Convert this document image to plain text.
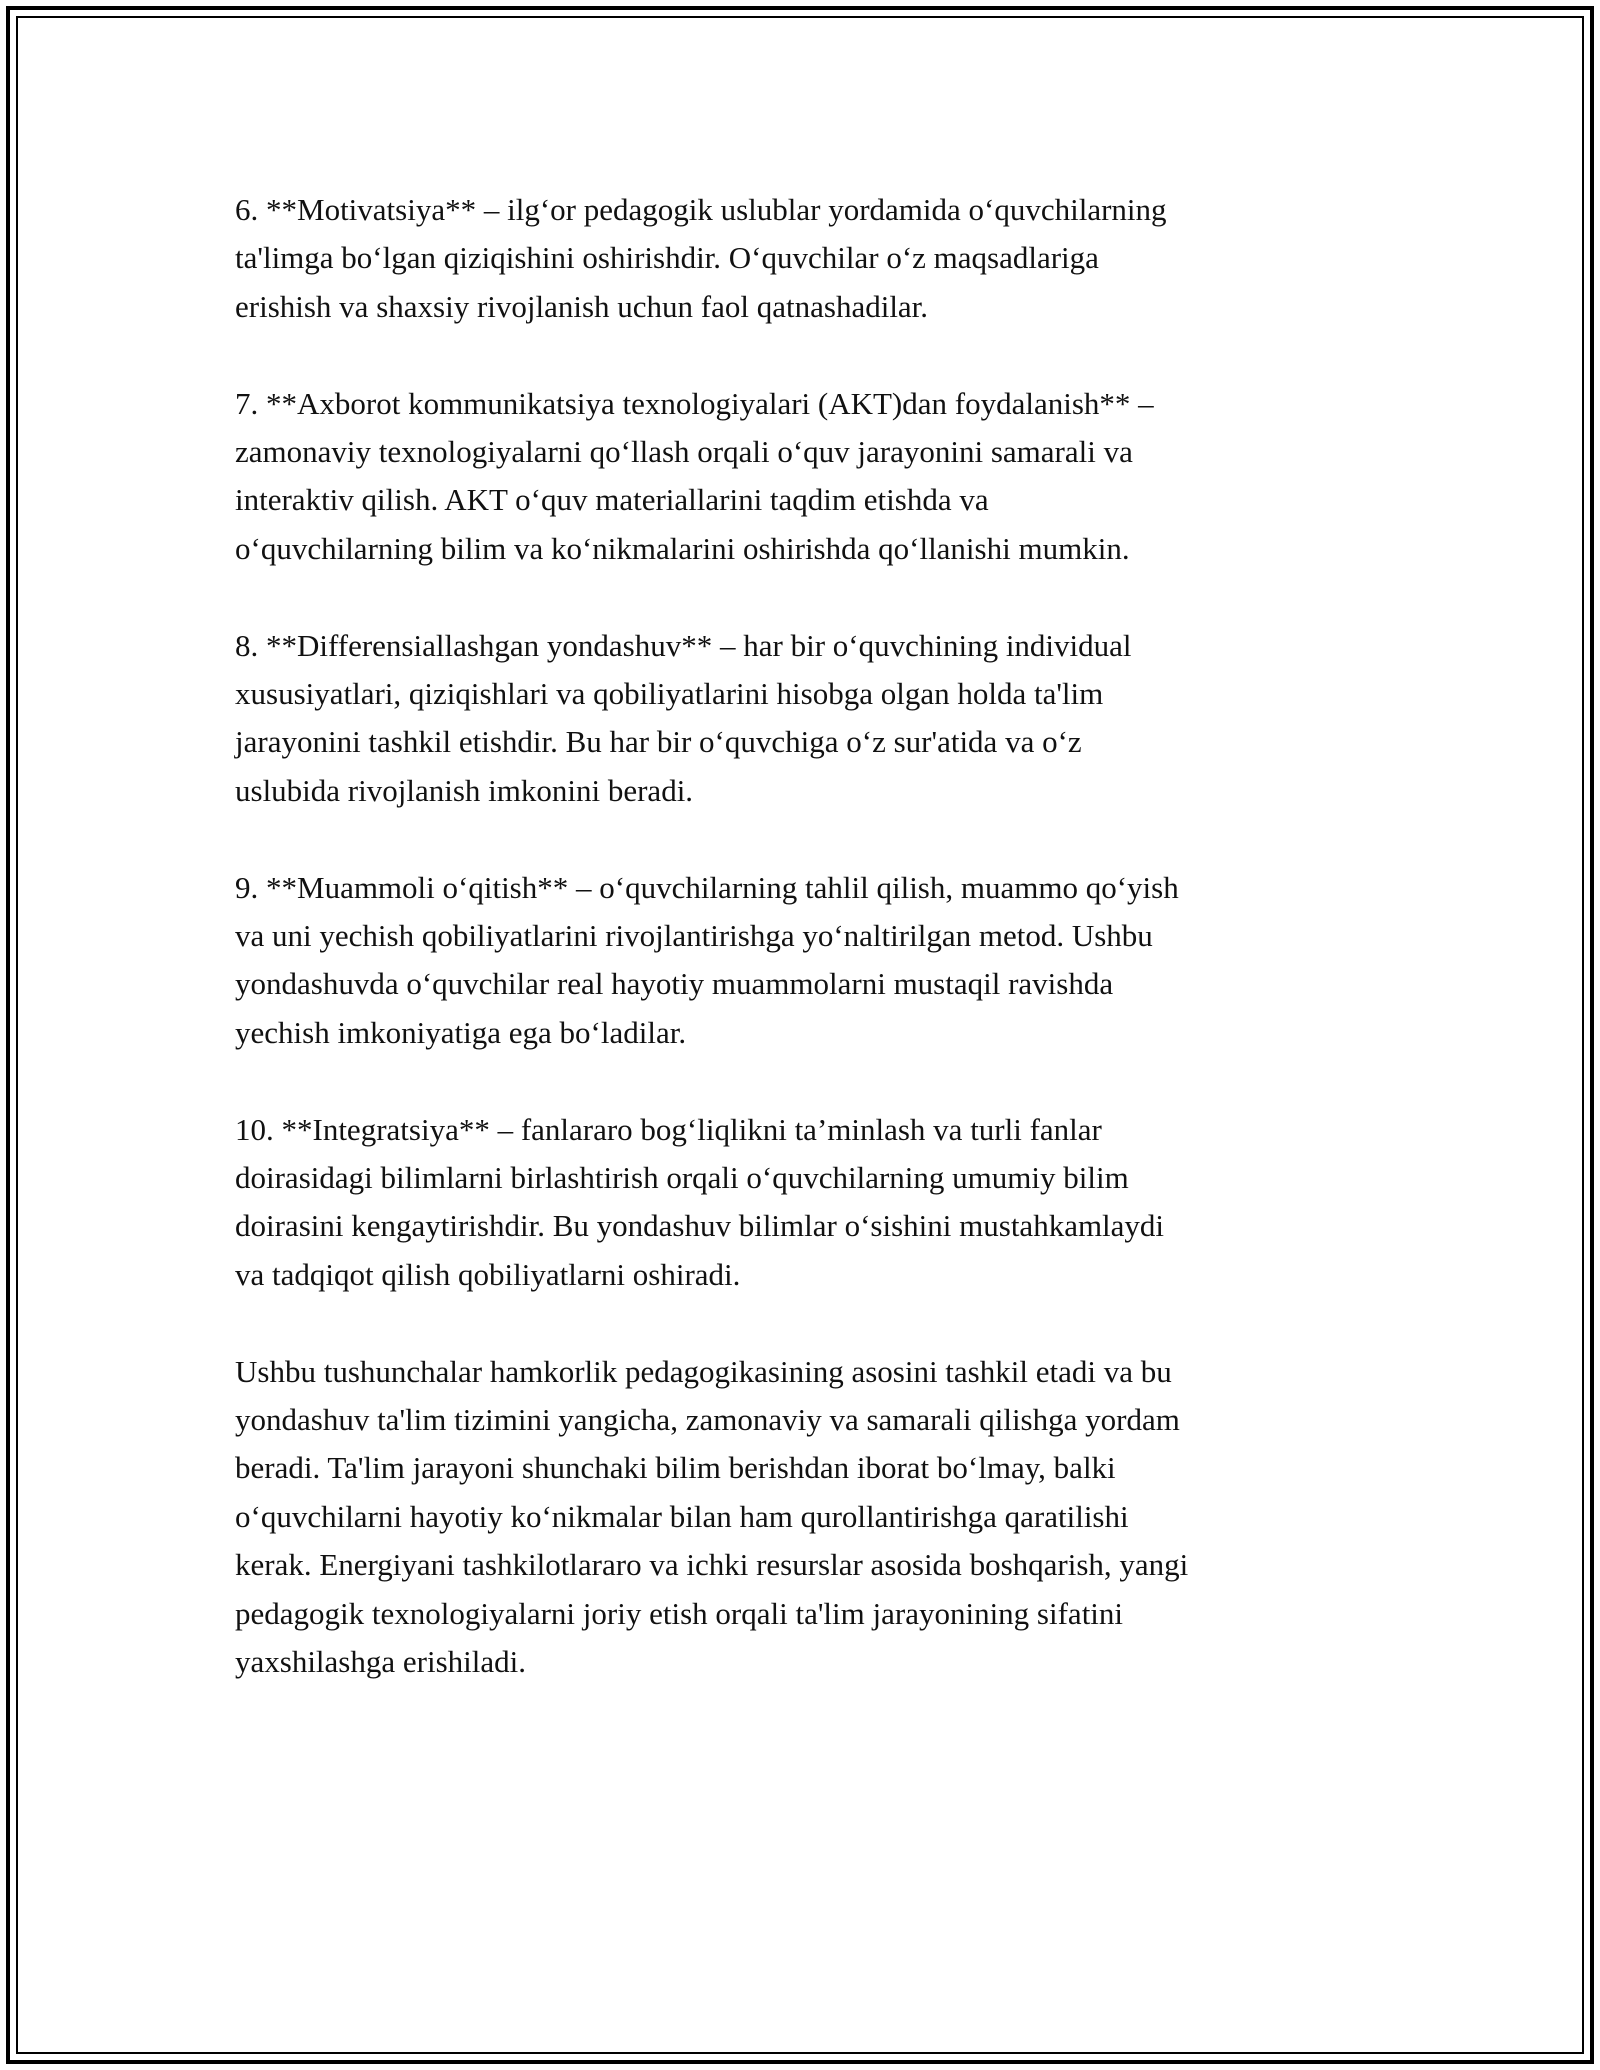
6. **Motivatsiya** – ilg‘or pedagogik uslublar yordamida o‘quvchilarning
ta'limga bo‘lgan qiziqishini oshirishdir. O‘quvchilar o‘z maqsadlariga
erishish va shaxsiy rivojlanish uchun faol qatnashadilar.

7. **Axborot kommunikatsiya texnologiyalari (AKT)dan foydalanish** –
zamonaviy texnologiyalarni qo‘llash orqali o‘quv jarayonini samarali va
interaktiv qilish. AKT o‘quv materiallarini taqdim etishda va
o‘quvchilarning bilim va ko‘nikmalarini oshirishda qo‘llanishi mumkin.

8. **Differensiallashgan yondashuv** – har bir o‘quvchining individual
xususiyatlari, qiziqishlari va qobiliyatlarini hisobga olgan holda ta'lim
jarayonini tashkil etishdir. Bu har bir o‘quvchiga o‘z sur'atida va o‘z
uslubida rivojlanish imkonini beradi.

9. **Muammoli o‘qitish** – o‘quvchilarning tahlil qilish, muammo qo‘yish
va uni yechish qobiliyatlarini rivojlantirishga yo‘naltirilgan metod. Ushbu
yondashuvda o‘quvchilar real hayotiy muammolarni mustaqil ravishda
yechish imkoniyatiga ega bo‘ladilar.

10. **Integratsiya** – fanlararo bog‘liqlikni ta’minlash va turli fanlar
doirasidagi bilimlarni birlashtirish orqali o‘quvchilarning umumiy bilim
doirasini kengaytirishdir. Bu yondashuv bilimlar o‘sishini mustahkamlaydi
va tadqiqot qilish qobiliyatlarni oshiradi.

Ushbu tushunchalar hamkorlik pedagogikasining asosini tashkil etadi va bu
yondashuv ta'lim tizimini yangicha, zamonaviy va samarali qilishga yordam
beradi. Ta'lim jarayoni shunchaki bilim berishdan iborat bo‘lmay, balki
o‘quvchilarni hayotiy ko‘nikmalar bilan ham qurollantirishga qaratilishi
kerak. Energiyani tashkilotlararo va ichki resurslar asosida boshqarish, yangi
pedagogik texnologiyalarni joriy etish orqali ta'lim jarayonining sifatini
yaxshilashga erishiladi.
